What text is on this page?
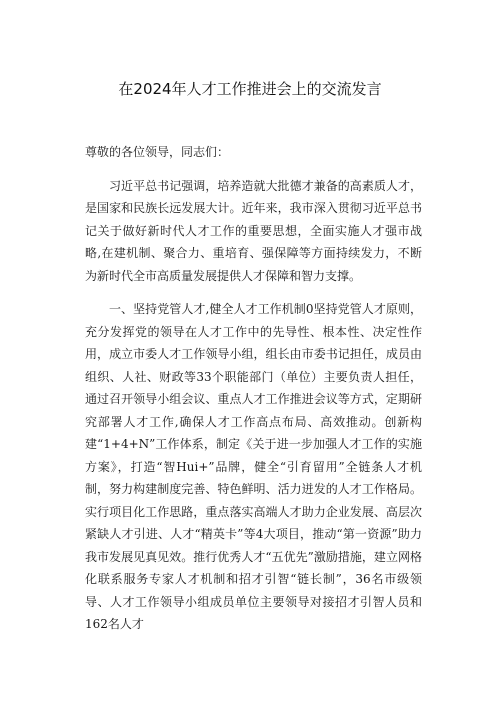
在2024年人才工作推进会上的交流发言

尊敬的各位领导，同志们：

习近平总书记强调，培养造就大批德才兼备的高素质人才，是国家和民族长远发展大计。近年来，我市深入贯彻习近平总书记关于做好新时代人才工作的重要思想，全面实施人才强市战略,在建机制、聚合力、重培育、强保障等方面持续发力，不断为新时代全市高质量发展提供人才保障和智力支撑。

一、坚持党管人才,健全人才工作机制0坚持党管人才原则，充分发挥党的领导在人才工作中的先导性、根本性、决定性作用，成立市委人才工作领导小组，组长由市委书记担任，成员由组织、人社、财政等33个职能部门（单位）主要负责人担任，通过召开领导小组会议、重点人才工作推进会议等方式，定期研究部署人才工作,确保人才工作高点布局、高效推动。创新构建“1+4+N”工作体系，制定《关于进一步加强人才工作的实施方案》，打造“智Hui+”品牌，健全“引育留用”全链条人才机制，努力构建制度完善、特色鲜明、活力迸发的人才工作格局。实行项目化工作思路，重点落实高端人才助力企业发展、高层次紧缺人才引进、人才“精英卡”等4大项目，推动“第一资源”助力我市发展见真见效。推行优秀人才“五优先”激励措施，建立网格化联系服务专家人才机制和招才引智“链长制”，36名市级领导、人才工作领导小组成员单位主要领导对接招才引智人员和162名人才
